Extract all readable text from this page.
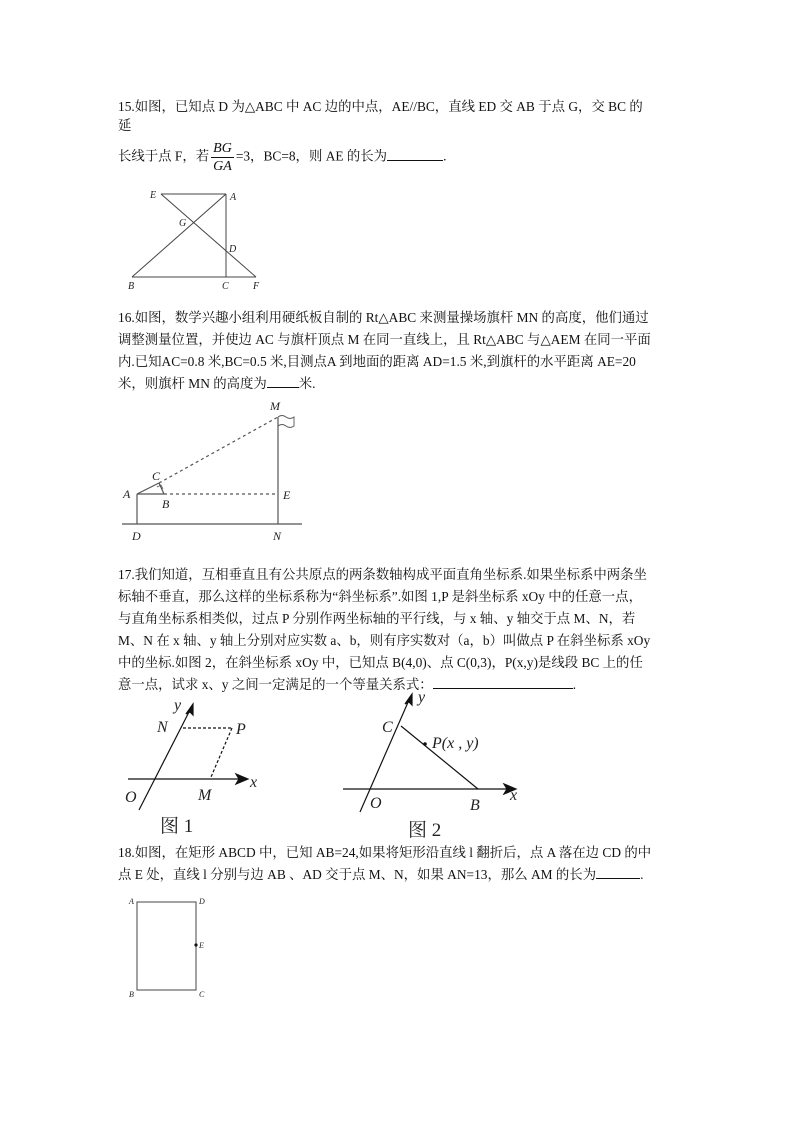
15.如图，已知点 D 为△ABC 中 AC 边的中点，AE//BC，直线 ED 交 AB 于点 G，交 BC 的
延
长线于点 F，若 $\frac{BG}{GA} =3$，BC=8，则 AE 的长为	.
E	A
G
D
B	C F
M
C
A
B
E
D	N
y
N	P
O	M
x
图 1
y
C
P(x , y)
O	B
x
图 2
A	D
E
B	C
16.如图，数学兴趣小组利用硬纸板自制的 Rt△ABC 来测量操场旗杆 MN 的高度，他们通过
调整测量位置，并使边 AC 与旗杆顶点 M 在同一直线上，且 Rt△ABC 与△AEM 在同一平面
内.已知AC=0.8 米,BC=0.5 米,目测点A 到地面的距离 AD=1.5 米,到旗杆的水平距离 AE=20
米，则旗杆 MN 的高度为 米.
17.我们知道，互相垂直且有公共原点的两条数轴构成平面直角坐标系.如果坐标系中两条坐
标轴不垂直，那么这样的坐标系称为“斜坐标系”.如图 1,P 是斜坐标系 xOy 中的任意一点，
与直角坐标系相类似，过点 P 分别作两坐标轴的平行线，与 x 轴、y 轴交于点 M、N，若
M、N 在 x 轴、y 轴上分别对应实数 a、b，则有序实数对（a，b）叫做点 P 在斜坐标系 xOy
中的坐标.如图 2，在斜坐标系 xOy 中，已知点 B(4,0)、点 C(0,3)，P(x,y)是线段 BC 上的任
意一点，试求 x、y 之间一定满足的一个等量关系式：	.
18.如图，在矩形 ABCD 中，已知 AB=24,如果将矩形沿直线 l 翻折后，点 A 落在边 CD 的中
点 E 处，直线 l 分别与边 AB 、AD 交于点 M、N，如果 AN=13，那么 AM 的长为	.
